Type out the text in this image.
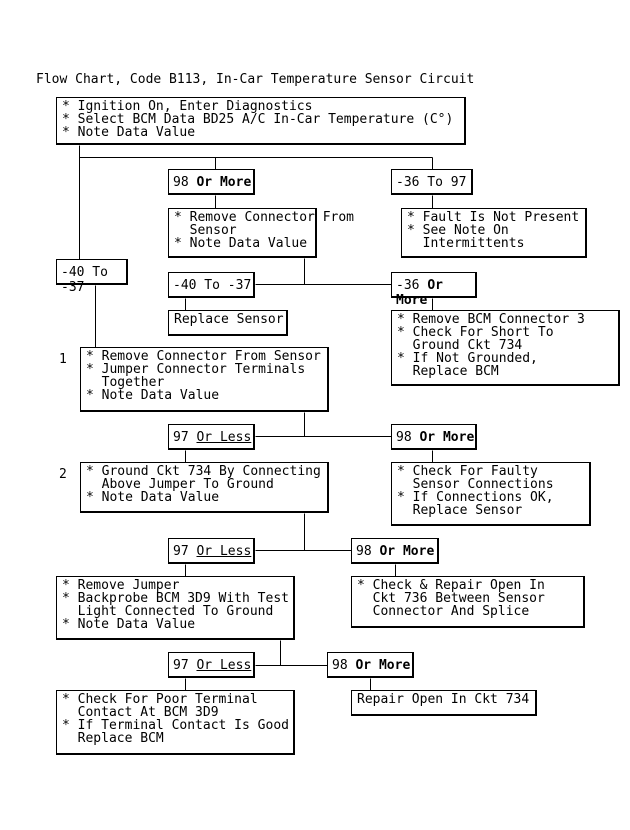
Flow Chart, Code B113, In-Car Temperature Sensor Circuit
1
2
* Ignition On, Enter Diagnostics
* Select BCM Data BD25 A/C In-Car Temperature (C°)
* Note Data Value
98 Or More	-36 To 97
* Remove Connector From
Sensor
* Note Data Value
* Fault Is Not Present
* See Note On
Intermittents
-40 To -37	-40 To -37	-36 Or More
Replace Sensor	* Remove BCM Connector 3
* Check For Short To
Ground Ckt 734
* If Not Grounded,
Replace BCM
* Remove Connector From Sensor
* Jumper Connector Terminals
Together
* Note Data Value
97 Or Less	98 Or More
* Ground Ckt 734 By Connecting
Above Jumper To Ground
* Note Data Value
* Check For Faulty
Sensor Connections
* If Connections OK,
Replace Sensor
97 Or Less	98 Or More
* Remove Jumper
* Backprobe BCM 3D9 With Test
Light Connected To Ground
* Note Data Value
* Check & Repair Open In
Ckt 736 Between Sensor
Connector And Splice
97 Or Less	98 Or More
* Check For Poor Terminal
Contact At BCM 3D9
* If Terminal Contact Is Good
Replace BCM
Repair Open In Ckt 734
